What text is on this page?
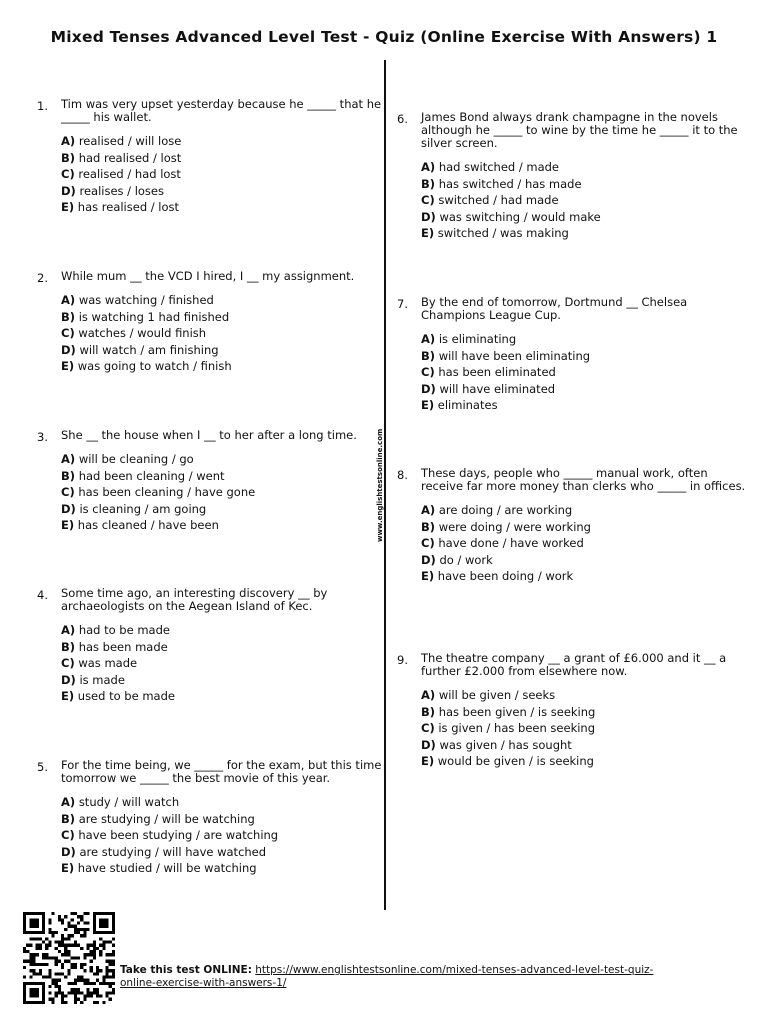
Mixed Tenses Advanced Level Test - Quiz (Online Exercise With Answers) 1
www.englishtestsonline.com
1. Tim was very upset yesterday because he _____ that he _____ his wallet.
A) realised / will lose
B) had realised / lost
C) realised / had lost
D) realises / loses
E) has realised / lost
2. While mum __ the VCD I hired, I __ my assignment.
A) was watching / finished
B) is watching 1 had finished
C) watches / would finish
D) will watch / am finishing
E) was going to watch / finish
3. She __ the house when I __ to her after a long time.
A) will be cleaning / go
B) had been cleaning / went
C) has been cleaning / have gone
D) is cleaning / am going
E) has cleaned / have been
4. Some time ago, an interesting discovery __ by archaeologists on the Aegean Island of Kec.
A) had to be made
B) has been made
C) was made
D) is made
E) used to be made
5. For the time being, we _____ for the exam, but this time tomorrow we _____ the best movie of this year.
A) study / will watch
B) are studying / will be watching
C) have been studying / are watching
D) are studying / will have watched
E) have studied / will be watching
6. James Bond always drank champagne in the novels although he _____ to wine by the time he _____ it to the silver screen.
A) had switched / made
B) has switched / has made
C) switched / had made
D) was switching / would make
E) switched / was making
7. By the end of tomorrow, Dortmund __ Chelsea Champions League Cup.
A) is eliminating
B) will have been eliminating
C) has been eliminated
D) will have eliminated
E) eliminates
8. These days, people who _____ manual work, often receive far more money than clerks who _____ in offices.
A) are doing / are working
B) were doing / were working
C) have done / have worked
D) do / work
E) have been doing / work
9. The theatre company __ a grant of £6.000 and it __ a further £2.000 from elsewhere now.
A) will be given / seeks
B) has been given / is seeking
C) is given / has been seeking
D) was given / has sought
E) would be given / is seeking
Take this test ONLINE: https://www.englishtestsonline.com/mixed-tenses-advanced-level-test-quiz-online-exercise-with-answers-1/
